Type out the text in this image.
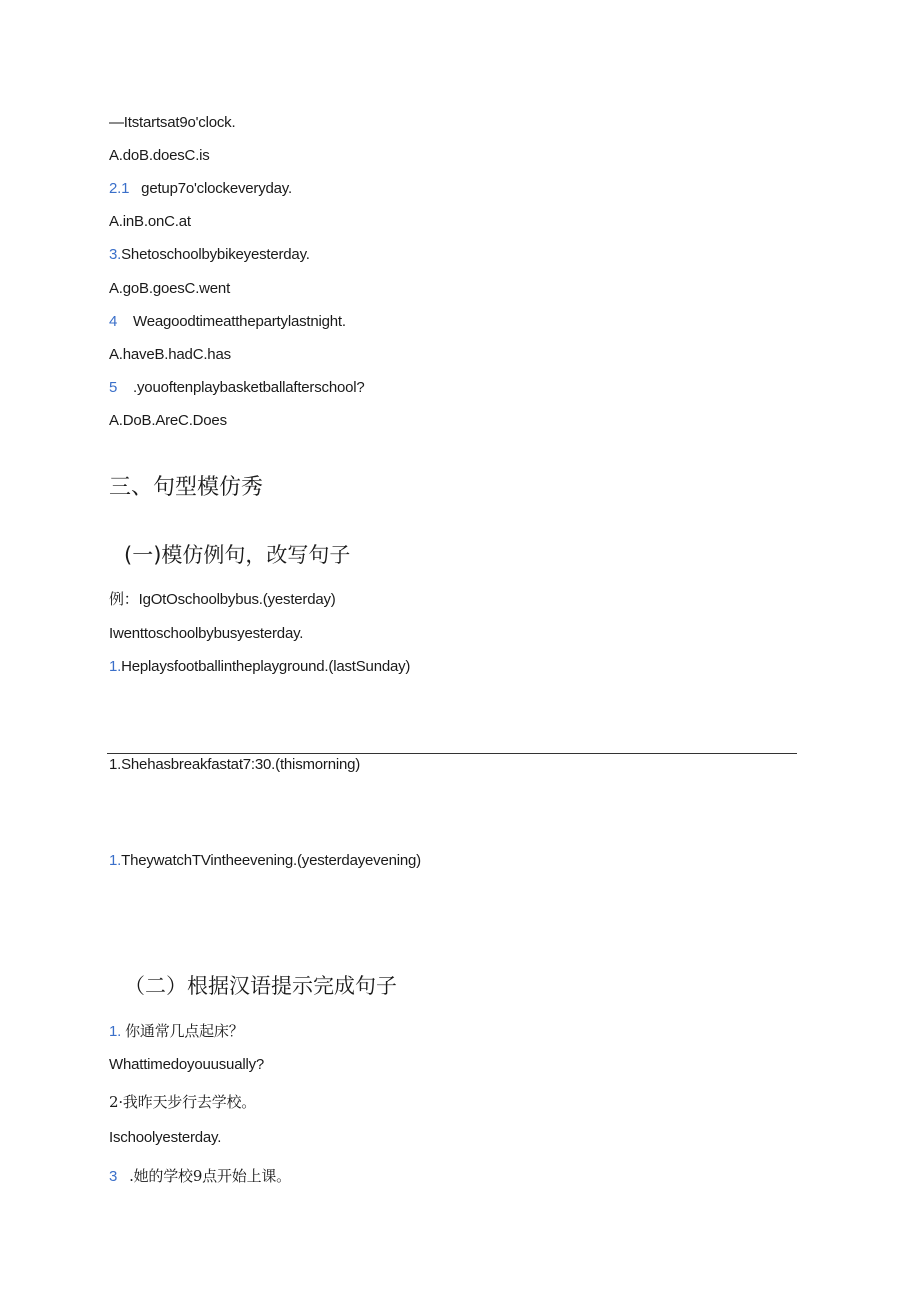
—Itstartsat9o'clock.
A.doB.doesC.is
2.1 getup7o'clockeveryday.
A.inB.onC.at
3.Shetoschoolbybikeyesterday.
A.goB.goesC.went
4 Weagoodtimeatthepartylastnight.
A.haveB.hadC.has
5 .youoftenplaybasketballafterschool?
A.DoB.AreC.Does
三、句型模仿秀
(一)模仿例句，改写句子
例：IgOtOschoolbybus.(yesterday)
Iwenttoschoolbybusyesterday.
1.Heplaysfootballintheplayground.(lastSunday)
1.Shehasbreakfastat7:30.(thismorning)
1.TheywatchTVintheevening.(yesterdayevening)
（二）根据汉语提示完成句子
1. 你通常几点起床？
Whattimedoyouusually?
2·我昨天步行去学校。
Ischoolyesterday.
3 .她的学校9点开始上课。
